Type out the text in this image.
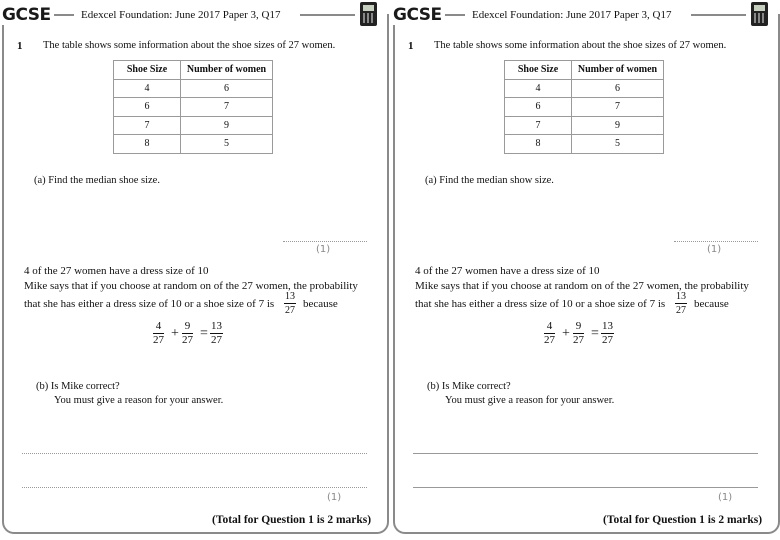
GCSE	Edexcel Foundation: June 2017 Paper 3, Q17
1 The table shows some information about the shoe sizes of 27 women.
Shoe Size	Number of women
4	6
6	7
7	9
8	5
(a) Find the median shoe size.
(1)
4 of the 27 women have a dress size of 10
Mike says that if you choose at random on of the 27 women, the probability
that she has either a dress size of 10 or a shoe size of 7 is $\frac{13}{27}$ because
$\frac{4}{27} + \frac{9}{27} = \frac{13}{27}$
(b) Is Mike correct?
You must give a reason for your answer.
(1)
(Total for Question 1 is 2 marks)
GCSE	Edexcel Foundation: June 2017 Paper 3, Q17
1 The table shows some information about the shoe sizes of 27 women.
Shoe Size	Number of women
4	6
6	7
7	9
8	5
(a) Find the median show size.
(1)
4 of the 27 women have a dress size of 10
Mike says that if you choose at random on of the 27 women, the probability
that she has either a dress size of 10 or a shoe size of 7 is $\frac{13}{27}$ because
$\frac{4}{27} + \frac{9}{27} = \frac{13}{27}$
(b) Is Mike correct?
You must give a reason for your answer.
(1)
(Total for Question 1 is 2 marks)
